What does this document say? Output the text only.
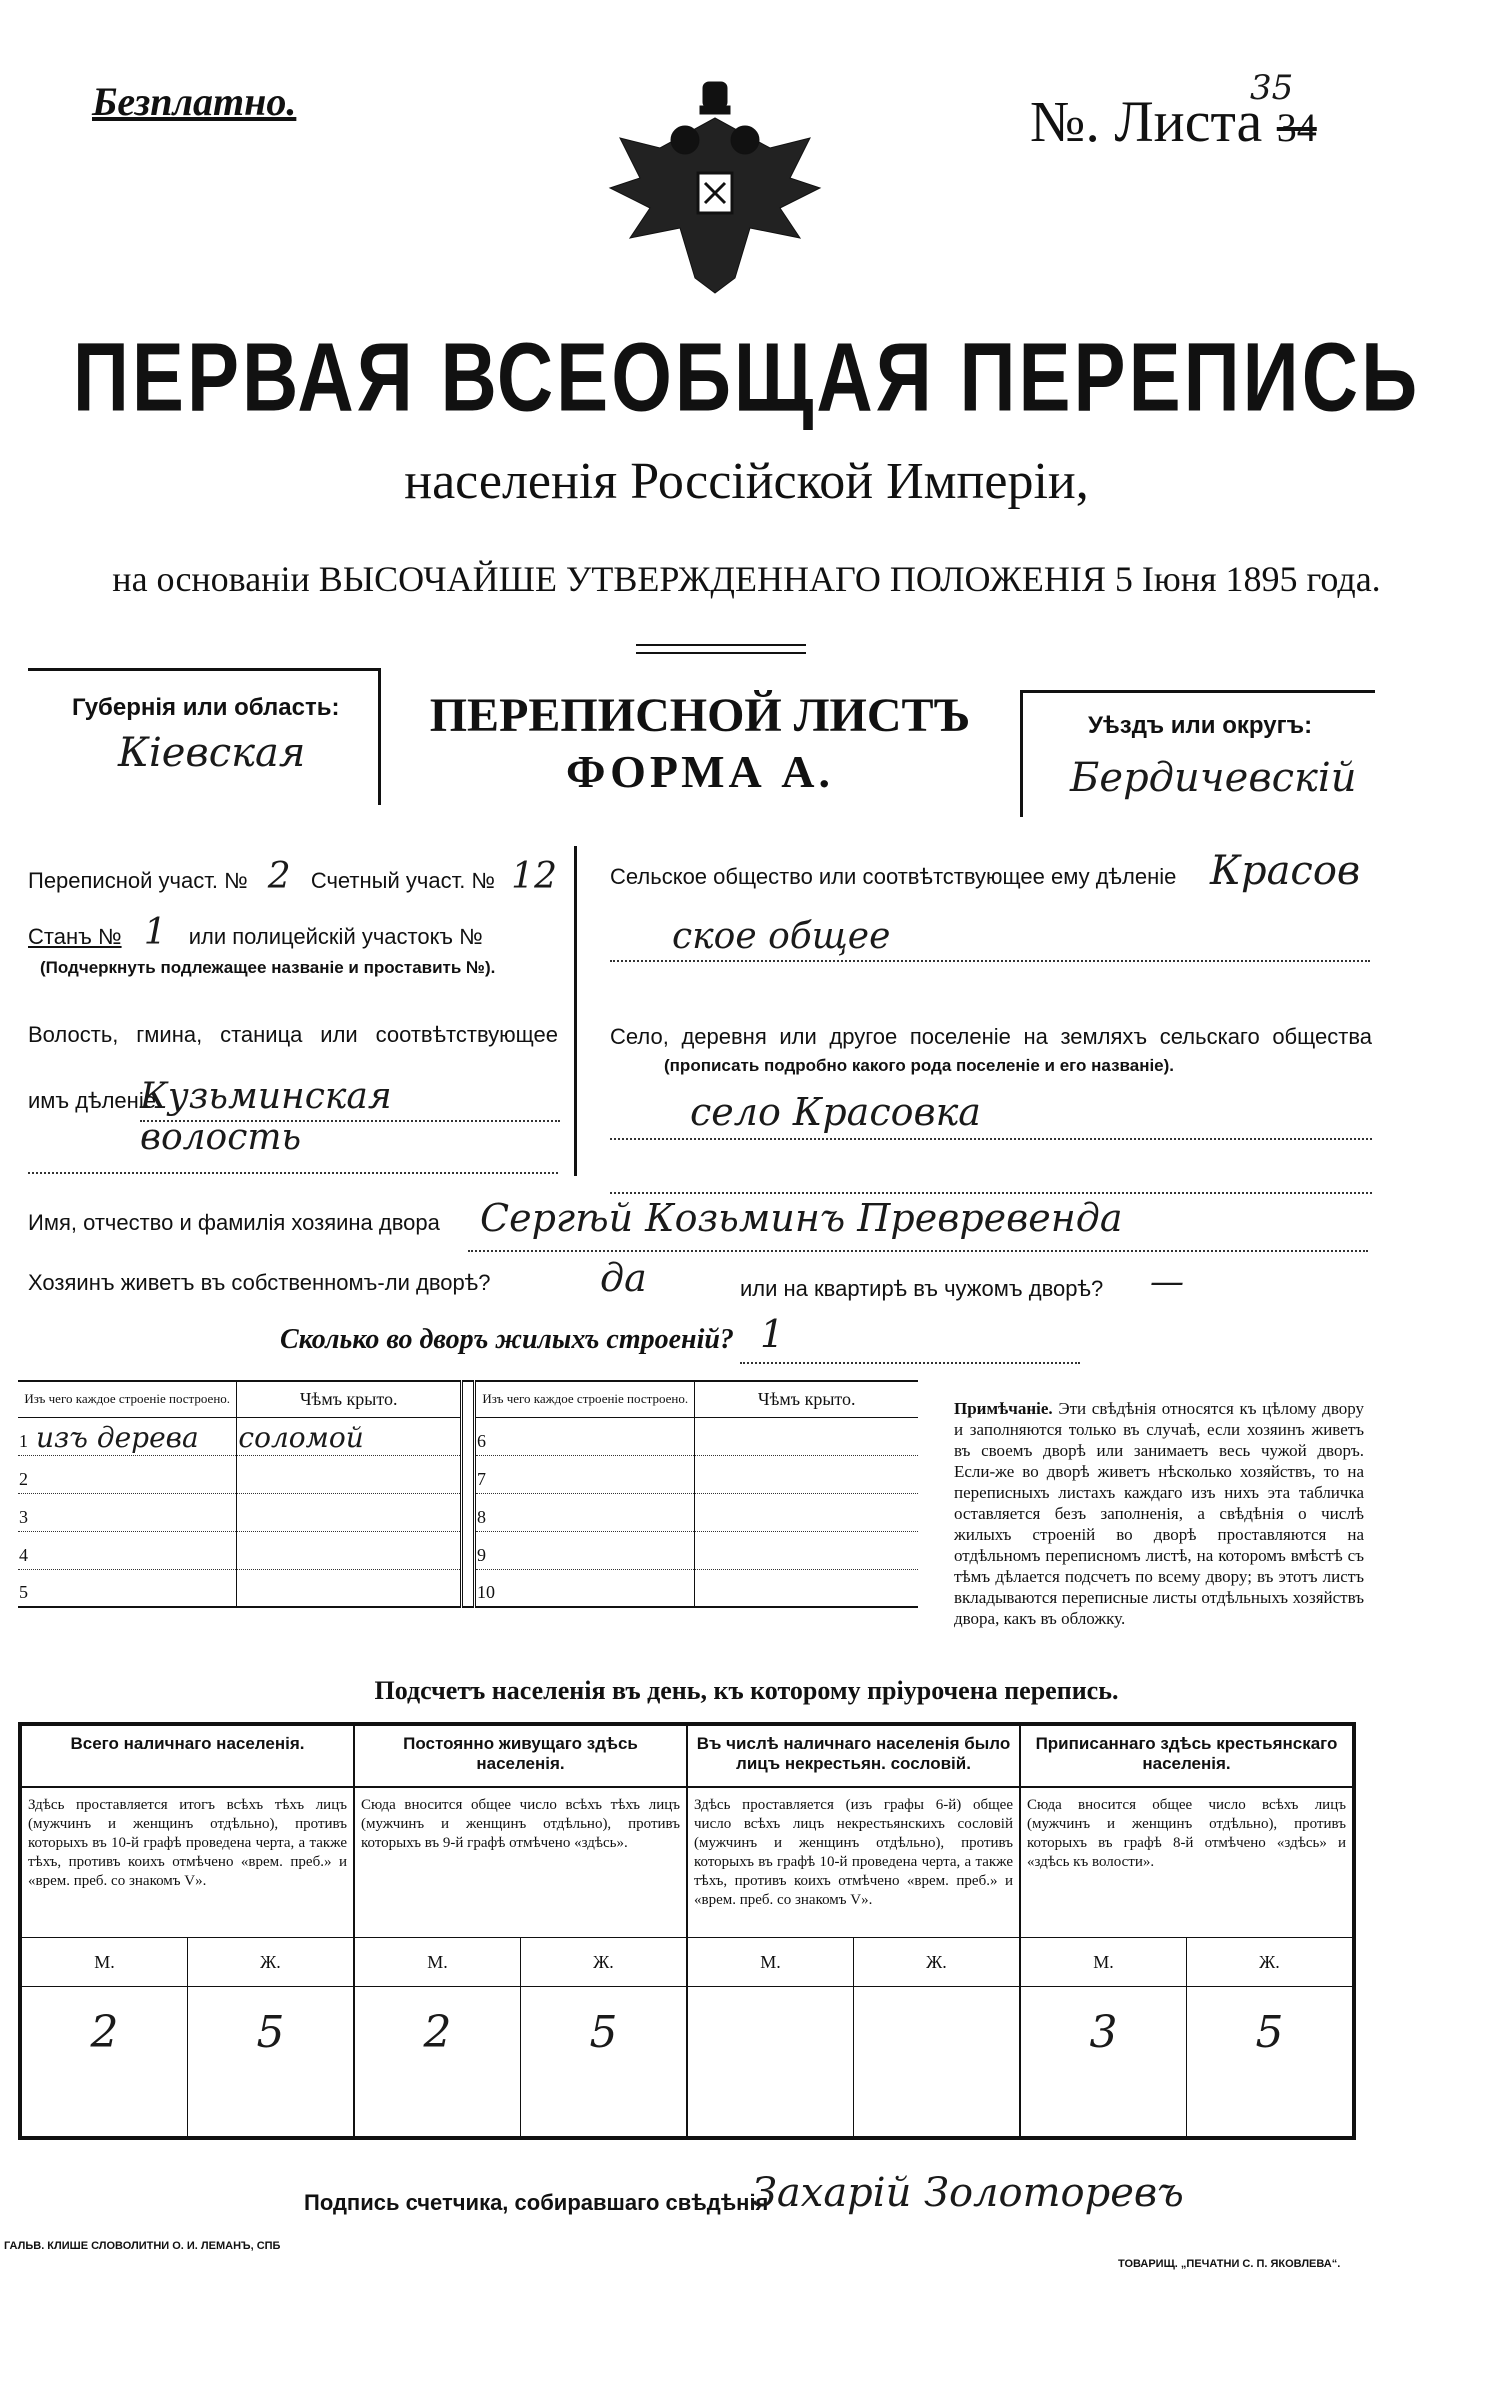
Безплатно.	№. Листа 34
35
ПЕРВАЯ ВСЕОБЩАЯ ПЕРЕПИСЬ
населенія Россійской Имперіи,
на основаніи ВЫСОЧАЙШЕ УТВЕРЖДЕННАГО ПОЛОЖЕНІЯ 5 Іюня 1895 года.
Губернія или область:
Кіевская
ПЕРЕПИСНОЙ ЛИСТЪ
ФОРМА А.
Уѣздъ или округъ:
Бердичевскій
Переписной участ. № 2 Счетный участ. № 12
Станъ № 1 или полицейскій участокъ №
(Подчеркнуть подлежащее названіе и проставить №).
Волость, гмина, станица или соотвѣтствующее
имъ дѣленіе
Кузьминская волость
Сельское общество или соотвѣтствующее ему дѣленіе Красов
ское общее
Село, деревня или другое поселеніе на земляхъ сельскаго общества
(прописать подробно какого рода поселеніе и его названіе).
село Красовка
Имя, отчество и фамилія хозяина двора Сергѣй Козьминъ Превревенда
Хозяинъ живетъ въ собственномъ-ли дворѣ?	да	или на квартирѣ въ чужомъ дворѣ? —
Сколько во дворъ жилыхъ строеній? 1
Изъ чего каждое строеніе построено.	Чѣмъ крыто.		Изъ чего каждое строеніе построено.	Чѣмъ крыто.
1 изъ дерева	соломой		6	
2			7	
3			8	
4			9	
5			10	
Примѣчаніе. Эти свѣдѣнія относятся къ цѣлому двору и заполняются только въ случаѣ, если хозяинъ живетъ въ своемъ дворѣ или занимаетъ весь чужой дворъ. Если-же во дворѣ живетъ нѣсколько хозяйствъ, то на переписныхъ листахъ каждаго изъ нихъ эта табличка оставляется безъ заполненія, а свѣдѣнія о числѣ жилыхъ строеній во дворѣ проставляются на отдѣльномъ переписномъ листѣ, на которомъ вмѣстѣ съ тѣмъ дѣлается подсчетъ по всему двору; въ этотъ листъ вкладываются переписные листы отдѣльныхъ хозяйствъ двора, какъ въ обложку.
Подсчетъ населенія въ день, къ которому пріурочена перепись.
Всего наличнаго населенія.
Здѣсь проставляется итогъ всѣхъ тѣхъ лицъ (мужчинъ и женщинъ отдѣльно), противъ которыхъ въ 10-й графѣ проведена черта, а также тѣхъ, противъ коихъ отмѣчено «врем. преб.» и «врем. преб. со знакомъ V».
М.	Ж.
2	5
Постоянно живущаго здѣсь населенія.
Сюда вносится общее число всѣхъ тѣхъ лицъ (мужчинъ и женщинъ отдѣльно), противъ которыхъ въ 9-й графѣ отмѣчено «здѣсь».
М.	Ж.
2	5
Въ числѣ наличнаго населенія было лицъ некрестьян. сословій.
Здѣсь проставляется (изъ графы 6-й) общее число всѣхъ лицъ некрестьянскихъ сословій (мужчинъ и женщинъ отдѣльно), противъ которыхъ въ графѣ 10-й проведена черта, а также тѣхъ, противъ коихъ отмѣчено «врем. преб.» и «врем. преб. со знакомъ V».
М.	Ж.
Приписаннаго здѣсь крестьянскаго населенія.
Сюда вносится общее число всѣхъ лицъ (мужчинъ и женщинъ отдѣльно), противъ которыхъ въ графѣ 8-й отмѣчено «здѣсь» и «здѣсь къ волости».
М.	Ж.
3	5
Подпись счетчика, собиравшаго свѣдѣнія
Захарій Золоторевъ
ГАЛЬВ. КЛИШЕ СЛОВОЛИТНИ О. И. ЛЕМАНЪ, СПБ
ТОВАРИЩ. „ПЕЧАТНИ С. П. ЯКОВЛЕВА“.
